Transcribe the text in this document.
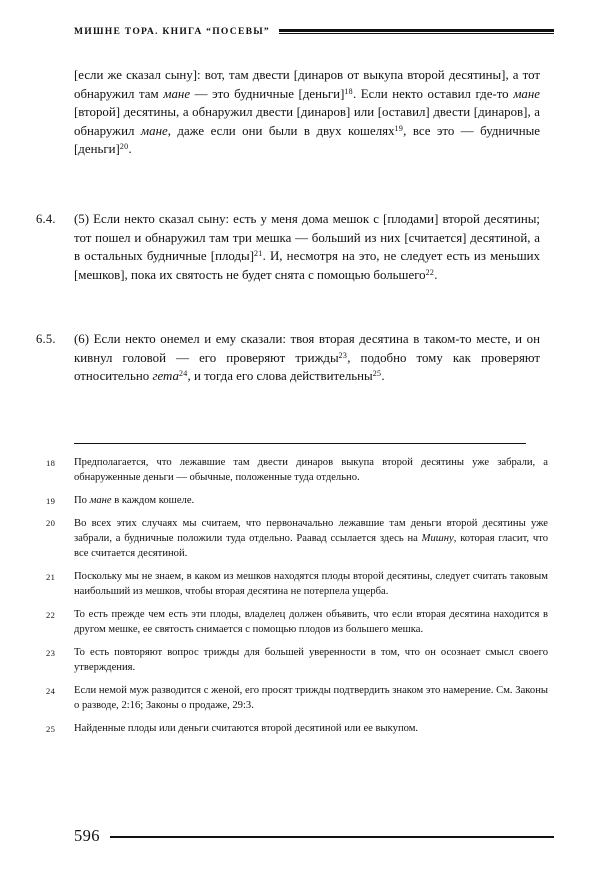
МИШНЕ ТОРА. КНИГА “ПОСЕВЫ”
[если же сказал сыну]: вот, там двести [динаров от выкупа второй десятины], а тот обнаружил там мане — это будничные [деньги]$^{18}$. Если некто оставил где-то мане [второй] десятины, а обнаружил двести [динаров] или [оставил] двести [динаров], а обнаружил мане, даже если они были в двух кошелях$^{19}$, все это — будничные [деньги]$^{20}$.
6.4.	(5) Если некто сказал сыну: есть у меня дома мешок с [плодами] второй десятины; тот пошел и обнаружил там три мешка — больший из них [считается] десятиной, а в остальных будничные [плоды]$^{21}$. И, несмотря на это, не следует есть из меньших [мешков], пока их святость не будет снята с помощью большего$^{22}$.
6.5.	(6) Если некто онемел и ему сказали: твоя вторая десятина в таком-то месте, и он кивнул головой — его проверяют трижды$^{23}$, подобно тому как проверяют относительно гета$^{24}$, и тогда его слова действительны$^{25}$.
18	Предполагается, что лежавшие там двести динаров выкупа второй десятины уже забрали, а обнаруженные деньги — обычные, положенные туда отдельно.
19	По мане в каждом кошеле.
20	Во всех этих случаях мы считаем, что первоначально лежавшие там деньги второй десятины уже забрали, а будничные положили туда отдельно. Раавад ссылается здесь на Мишну, которая гласит, что все считается десятиной.
21	Поскольку мы не знаем, в каком из мешков находятся плоды второй десятины, следует считать таковым наибольший из мешков, чтобы вторая десятина не потерпела ущерба.
22	То есть прежде чем есть эти плоды, владелец должен объявить, что если вторая десятина находится в другом мешке, ее святость снимается с помощью плодов из большего мешка.
23	То есть повторяют вопрос трижды для большей уверенности в том, что он осознает смысл своего утверждения.
24	Если немой муж разводится с женой, его просят трижды подтвердить знаком это намерение. См. Законы о разводе, 2:16; Законы о продаже, 29:3.
25	Найденные плоды или деньги считаются второй десятиной или ее выкупом.
596
